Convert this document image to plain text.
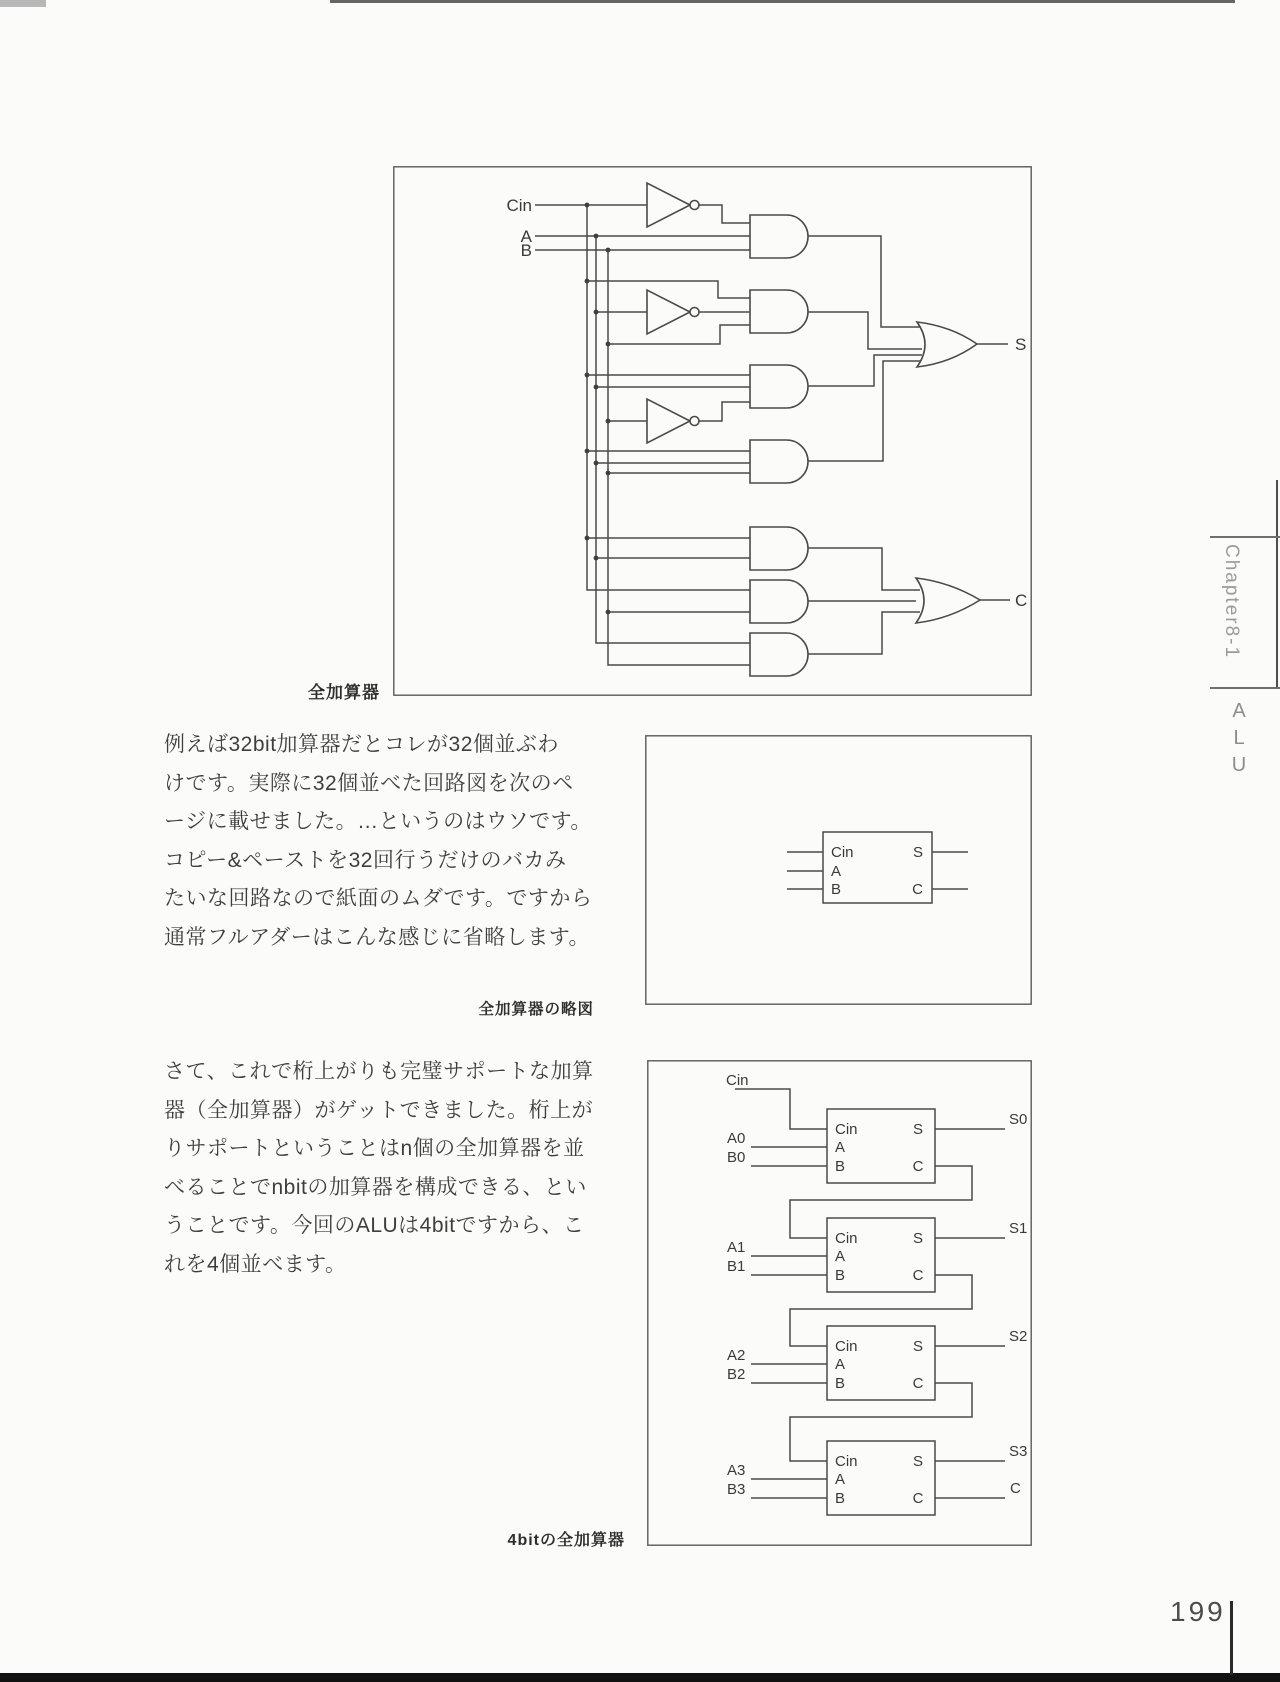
Cin
A
B
S
C
全加算器
例えば32bit加算器だとコレが32個並ぶわ
けです。実際に32個並べた回路図を次のペ
ージに載せました。…というのはウソです。
コピー&ペーストを32回行うだけのバカみ
たいな回路なので紙面のムダです。ですから
通常フルアダーはこんな感じに省略します。
Cin
A
B
S
C
全加算器の略図
さて、これで桁上がりも完璧サポートな加算
器（全加算器）がゲットできました。桁上が
りサポートということはn個の全加算器を並
べることでnbitの加算器を構成できる、とい
うことです。今回のALUは4bitですから、こ
れを4個並べます。
Cin
A0
B0
S0
Cin
A
B
S
C
A1
B1
S1
Cin
A
B
S
C
A2
B2
S2
Cin
A
B
S
C
A3
B3
S3
C
Cin
A
B
S
C
4bitの全加算器
Chapter8-1
ALU
199
